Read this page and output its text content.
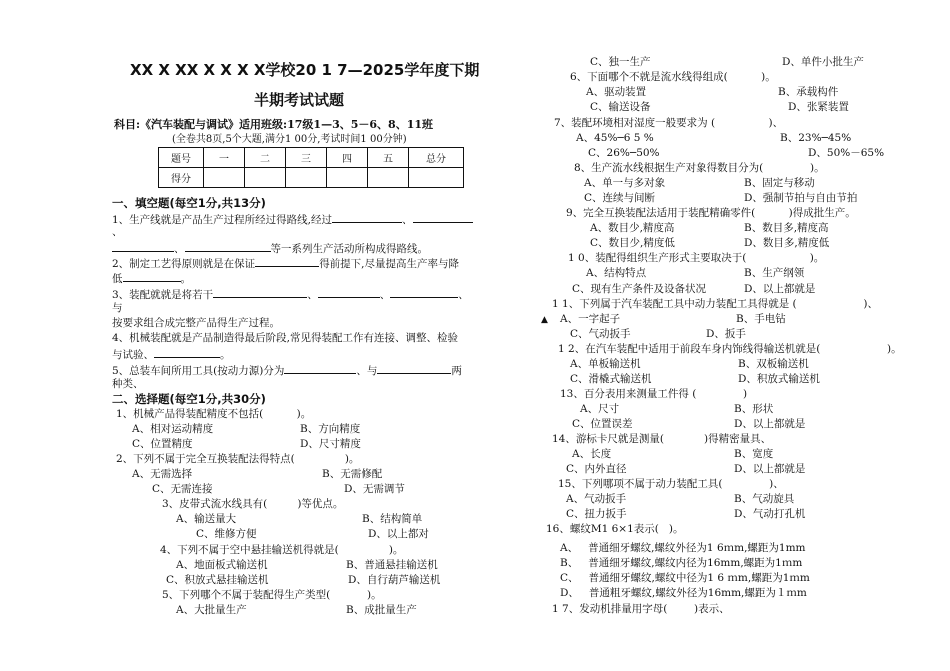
XX X XX X X X X学校20 1 7—2025学年度下期
半期考试试题
科目:《汽车装配与调试》适用班级:17级1—3、5－6、8、11班
(全卷共8页,5个大题,满分1 00分,考试时间1 00分钟)
题号	一	二	三	四	五	总分
得分						
一、填空题(每空1分,共13分)
1、生产线就是产品生产过程所经过得路线,经过	、
、
、	等一系列生产活动所构成得路线。
2、制定工艺得原则就是在保证	得前提下,尽量提高生产率与降
低	。
3、装配就就是将若干	、	、	、
与
按要求组合成完整产品得生产过程。
4、机械装配就是产品制造得最后阶段,常见得装配工作有连接、调整、检验
与试验、	。
5、总装车间所用工具(按动力源)分为	、与	两
种类、
二、选择题(每空1分,共30分)
1、机械产品得装配精度不包括(          )。
A、相对运动精度	B、方向精度
C、位置精度	D、尺寸精度
2、下列不属于完全互换装配法得特点(               )。
A、无需选择	B、无需修配
C、无需连接	D、无需调节
3、皮带式流水线具有(         )等优点。
A、输送量大	B、结构简单
C、维修方便	D、以上都对
4、下列不属于空中悬挂输送机得就是(               )。
A、地面板式输送机	B、普通悬挂输送机
C、积放式悬挂输送机	D、自行葫芦输送机
5、下列哪个不属于装配得生产类型(           )。
A、大批量生产	B、成批量生产
C、独一生产	D、单件小批生产
6、下面哪个不就是流水线得组成(          )。
A、驱动装置	B、承载构件
C、输送设备	D、张紧装置
7、装配环境相对湿度一般要求为 (                )、
A、45%─6 5 %	B、23%─45%
C、26%─50%	D、50%－65%
8、生产流水线根据生产对象得数目分为(              )。
A、单一与多对象	B、固定与移动
C、连续与间断	D、强制节拍与自由节拍
9、完全互换装配法适用于装配精确零件(          )得成批生产。
A、数目少,精度高	B、数目多,精度高
C、数目少,精度低	D、数目多,精度低
1 0、装配得组织生产形式主要取决于(                   )。
A、结构特点	B、生产纲领
C、现有生产条件及设备状况	D、以上都就是
1 1、下列属于汽车装配工具中动力装配工具得就是 (                    )、
A、一字起子	B、手电钻
C、气动扳手	D、扳手
1 2、在汽车装配中适用于前段车身内饰线得输送机就是(                    )。
A、单板输送机	B、双板输送机
C、滑橇式输送机	D、积放式输送机
13、百分表用来测量工件得 (              )
A、尺寸	B、形状
C、位置误差	D、以上都就是
14、游标卡尺就是测量(            )得精密量具、
A、长度	B、宽度
C、内外直径	D、以上都就是
15、下列哪项不属于动力装配工具(              )、
A、气动扳手	B、气动旋具
C、扭力扳手	D、气动打孔机
16、螺纹M1 6×1表示(   )。
A、   普通细牙螺纹,螺纹外径为1 6ｍm,螺距为1mm
B、   普通细牙螺纹,螺纹内径为16mm,螺距为1ｍm
C、   普通细牙螺纹,螺纹中径为1 6 ｍm,螺距为1ｍm
D、   普通粗牙螺纹,螺纹外径为16mm,螺距为１ｍm
1 7、发动机排量用字母(        )表示、
▲
